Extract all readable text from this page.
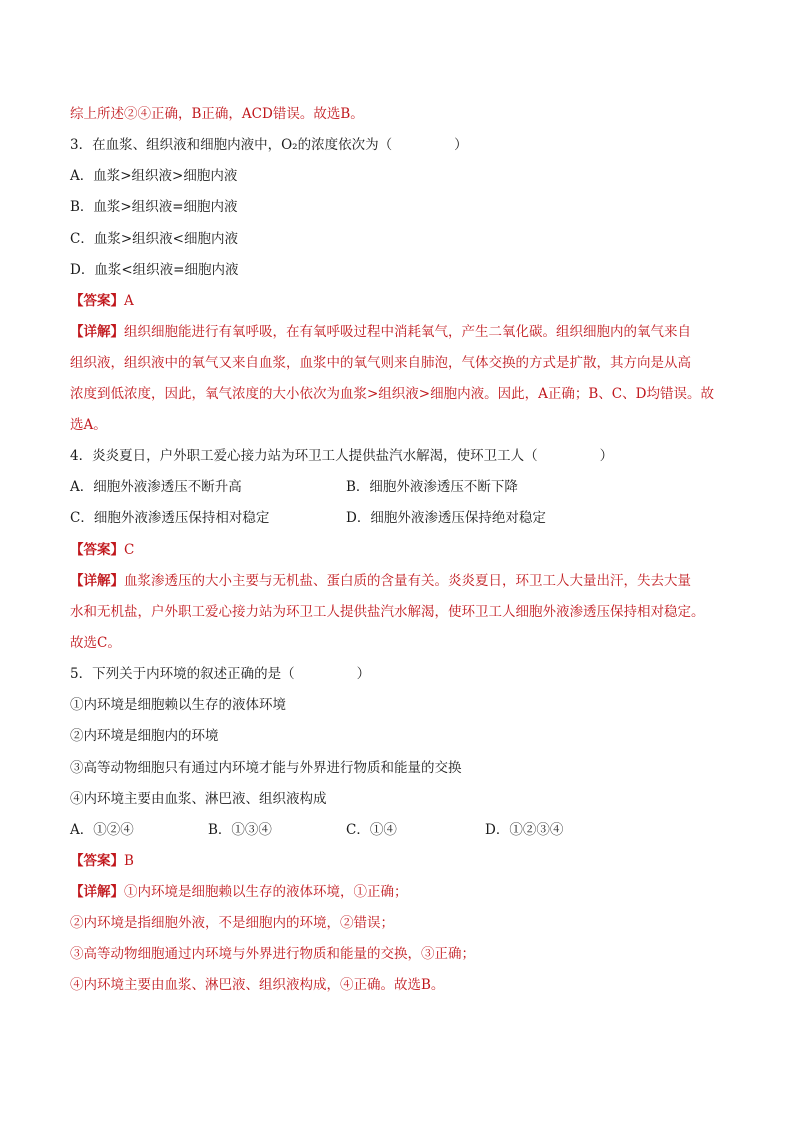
综上所述②④正确，B正确，ACD错误。故选B。
3．在血浆、组织液和细胞内液中，O₂的浓度依次为（	）
A．血浆>组织液>细胞内液
B．血浆>组织液=细胞内液
C．血浆>组织液<细胞内液
D．血浆<组织液=细胞内液
【答案】A
【详解】组织细胞能进行有氧呼吸，在有氧呼吸过程中消耗氧气，产生二氧化碳。组织细胞内的氧气来自
组织液，组织液中的氧气又来自血浆，血浆中的氧气则来自肺泡，气体交换的方式是扩散，其方向是从高
浓度到低浓度，因此，氧气浓度的大小依次为血浆>组织液>细胞内液。因此，A正确；B、C、D均错误。故
选A。
4．炎炎夏日，户外职工爱心接力站为环卫工人提供盐汽水解渴，使环卫工人（	）
A．细胞外液渗透压不断升高	B．细胞外液渗透压不断下降
C．细胞外液渗透压保持相对稳定	D．细胞外液渗透压保持绝对稳定
【答案】C
【详解】血浆渗透压的大小主要与无机盐、蛋白质的含量有关。炎炎夏日，环卫工人大量出汗，失去大量
水和无机盐，户外职工爱心接力站为环卫工人提供盐汽水解渴，使环卫工人细胞外液渗透压保持相对稳定。
故选C。
5．下列关于内环境的叙述正确的是（	）
①内环境是细胞赖以生存的液体环境
②内环境是细胞内的环境
③高等动物细胞只有通过内环境才能与外界进行物质和能量的交换
④内环境主要由血浆、淋巴液、组织液构成
A．①②④	B．①③④	C．①④	D．①②③④
【答案】B
【详解】①内环境是细胞赖以生存的液体环境，①正确；
②内环境是指细胞外液，不是细胞内的环境，②错误；
③高等动物细胞通过内环境与外界进行物质和能量的交换，③正确；
④内环境主要由血浆、淋巴液、组织液构成，④正确。故选B。
